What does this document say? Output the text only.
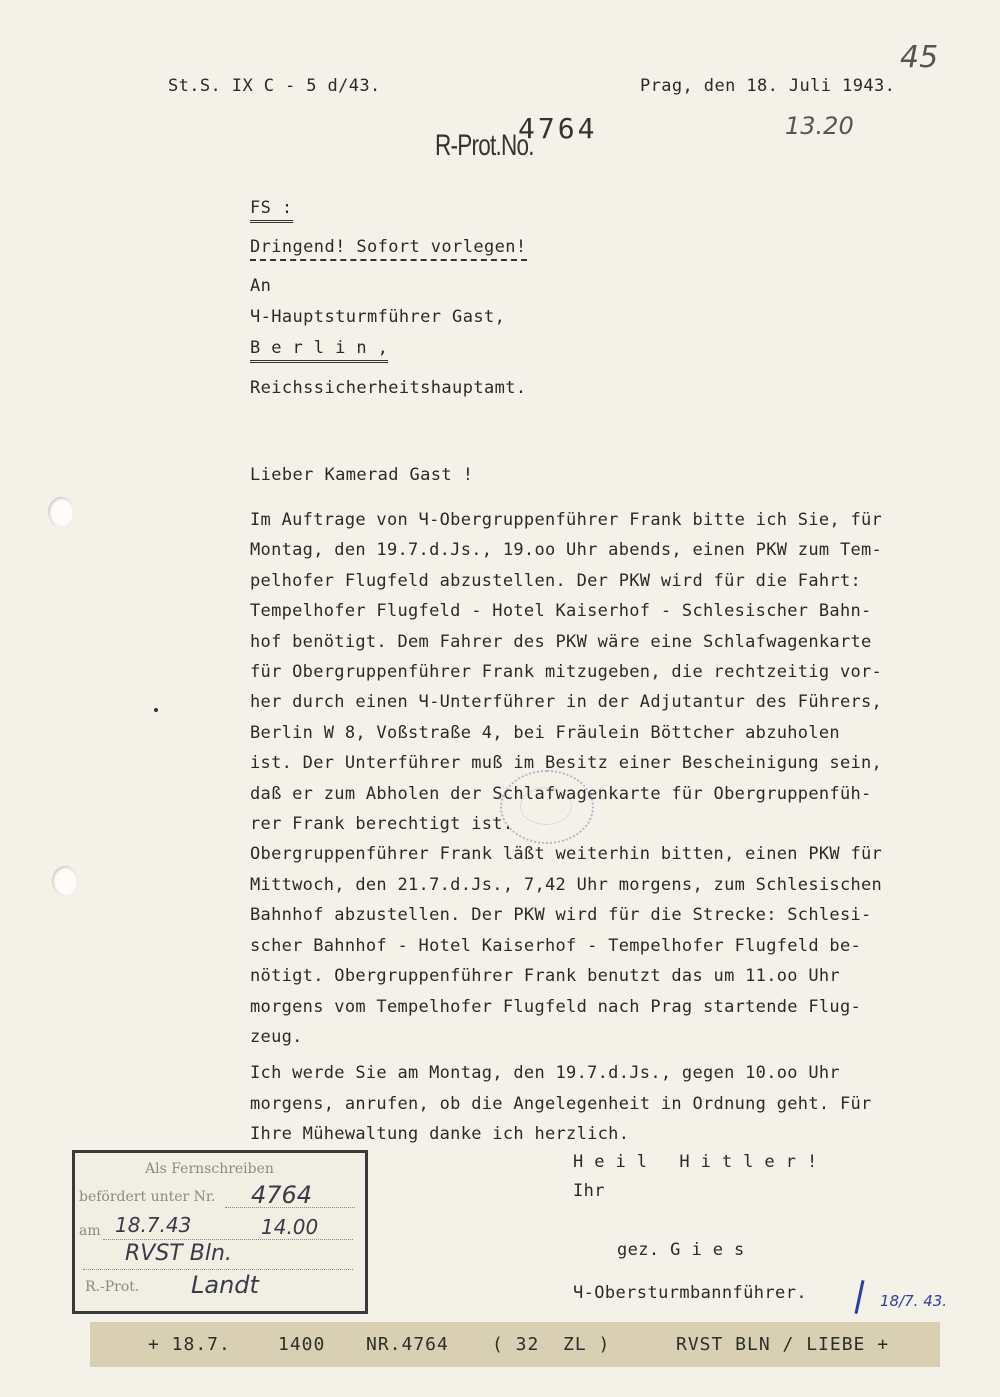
St.S. IX C - 5 d/43.	Prag, den 18. Juli 1943.
45

R-Prot.No.

4764	13.20
FS :
Dringend! Sofort vorlegen!
An
Ч-Hauptsturmführer Gast,
B e r l i n ,
Reichssicherheitshauptamt.
Lieber Kamerad Gast !
Im Auftrage von Ч-Obergruppenführer Frank bitte ich Sie, für
Montag, den 19.7.d.Js., 19.oo Uhr abends, einen PKW zum Tem-
pelhofer Flugfeld abzustellen. Der PKW wird für die Fahrt:
Tempelhofer Flugfeld - Hotel Kaiserhof - Schlesischer Bahn-
hof benötigt. Dem Fahrer des PKW wäre eine Schlafwagenkarte
für Obergruppenführer Frank mitzugeben, die rechtzeitig vor-
her durch einen Ч-Unterführer in der Adjutantur des Führers,
Berlin W 8, Voßstraße 4, bei Fräulein Böttcher abzuholen
ist. Der Unterführer muß im Besitz einer Bescheinigung sein,
daß er zum Abholen der Schlafwagenkarte für Obergruppenfüh-
rer Frank berechtigt ist.
Obergruppenführer Frank läßt weiterhin bitten, einen PKW für
Mittwoch, den 21.7.d.Js., 7,42 Uhr morgens, zum Schlesischen
Bahnhof abzustellen. Der PKW wird für die Strecke: Schlesi-
scher Bahnhof - Hotel Kaiserhof - Tempelhofer Flugfeld be-
nötigt. Obergruppenführer Frank benutzt das um 11.oo Uhr
morgens vom Tempelhofer Flugfeld nach Prag startende Flug-
zeug.
Ich werde Sie am Montag, den 19.7.d.Js., gegen 10.oo Uhr
morgens, anrufen, ob die Angelegenheit in Ordnung geht. Für
Ihre Mühewaltung danke ich herzlich.
H e i l   H i t l e r !
Ihr
gez. G i e s
Ч-Obersturmbannführer.	18/7. 43.
Als Fernschreiben
befördert unter Nr. 4764
am 18.7.43	14.00
RVST Bln.
R.-Prot. Landt
+ 18.7.	1400 NR.4764 ( 32  ZL )	RVST BLN / LIEBE +
